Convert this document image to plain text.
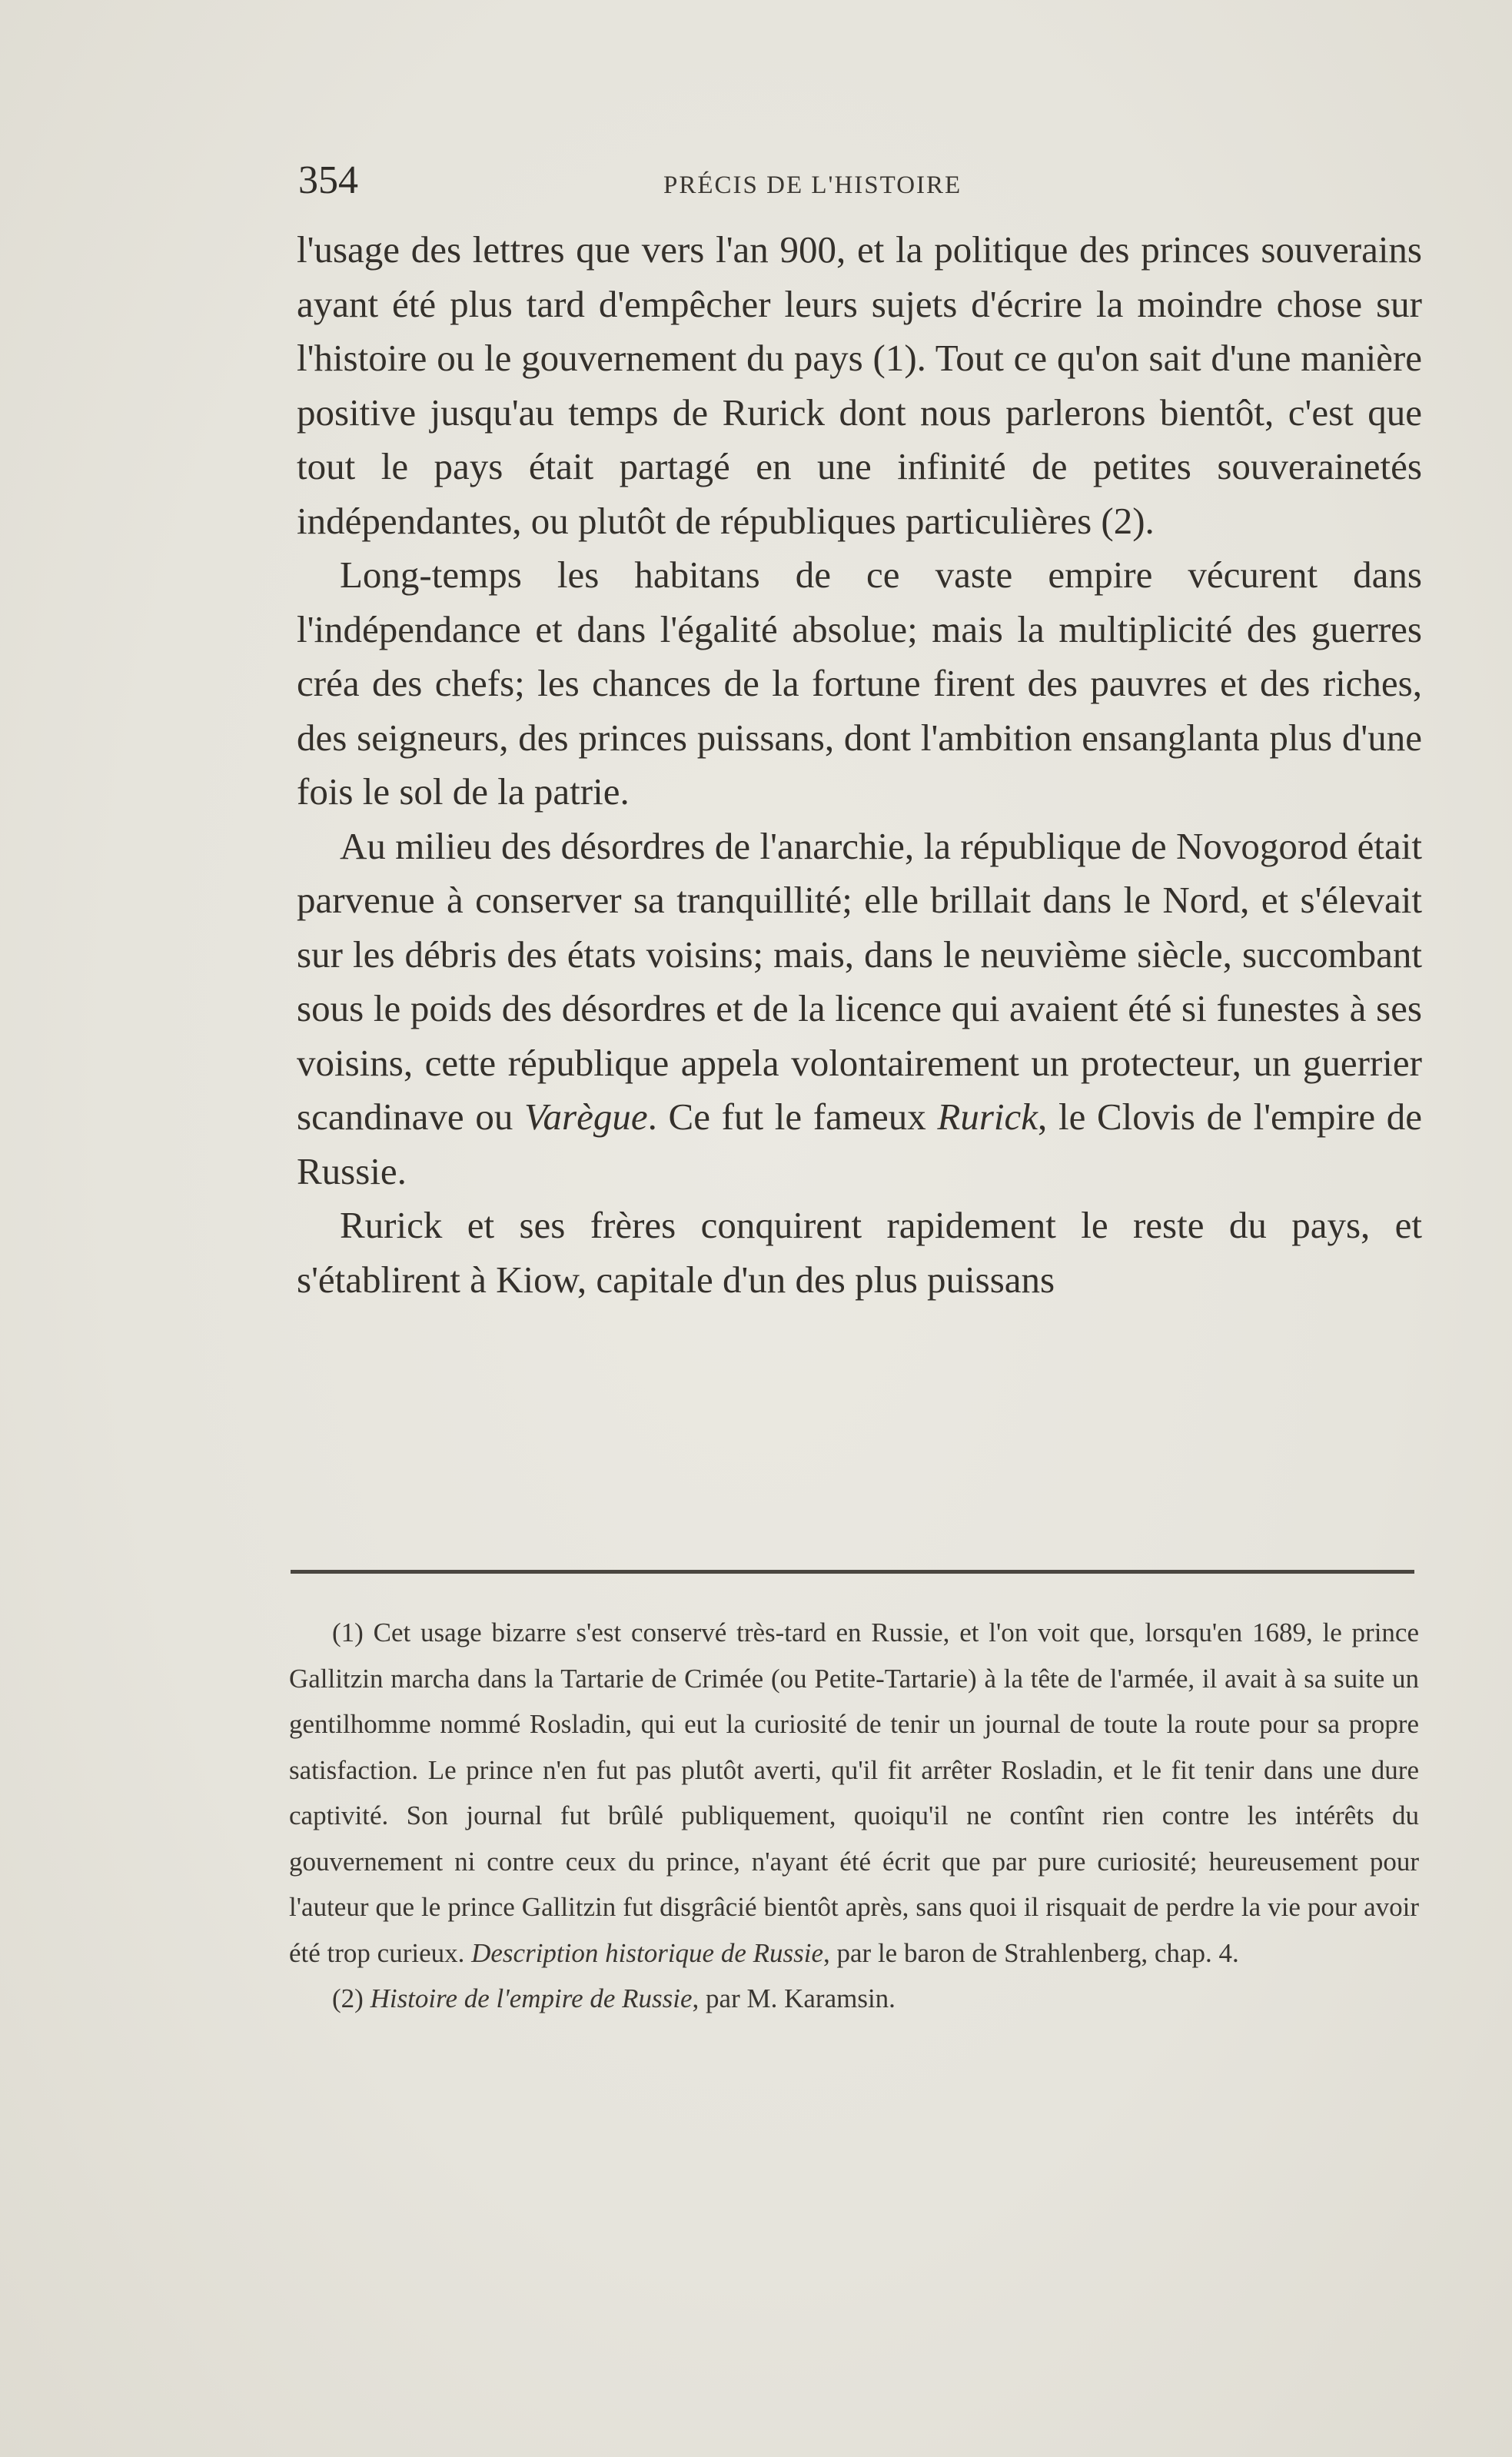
354	PRÉCIS DE L'HISTOIRE

l'usage des lettres que vers l'an 900, et la politique des princes souverains ayant été plus tard d'empêcher leurs sujets d'écrire la moindre chose sur l'histoire ou le gouvernement du pays (1). Tout ce qu'on sait d'une manière positive jusqu'au temps de Rurick dont nous parlerons bientôt, c'est que tout le pays était partagé en une infinité de petites souverainetés indépendantes, ou plutôt de républiques particulières (2).

Long-temps les habitans de ce vaste empire vécurent dans l'indépendance et dans l'égalité absolue; mais la multiplicité des guerres créa des chefs; les chances de la fortune firent des pauvres et des riches, des seigneurs, des princes puissans, dont l'ambition ensanglanta plus d'une fois le sol de la patrie.

Au milieu des désordres de l'anarchie, la république de Novogorod était parvenue à conserver sa tranquillité; elle brillait dans le Nord, et s'élevait sur les débris des états voisins; mais, dans le neuvième siècle, succombant sous le poids des désordres et de la licence qui avaient été si funestes à ses voisins, cette république appela volontairement un protecteur, un guerrier scandinave ou Varègue. Ce fut le fameux Rurick, le Clovis de l'empire de Russie.

Rurick et ses frères conquirent rapidement le reste du pays, et s'établirent à Kiow, capitale d'un des plus puissans

(1) Cet usage bizarre s'est conservé très-tard en Russie, et l'on voit que, lorsqu'en 1689, le prince Gallitzin marcha dans la Tartarie de Crimée (ou Petite-Tartarie) à la tête de l'armée, il avait à sa suite un gentilhomme nommé Rosladin, qui eut la curiosité de tenir un journal de toute la route pour sa propre satisfaction. Le prince n'en fut pas plutôt averti, qu'il fit arrêter Rosladin, et le fit tenir dans une dure captivité. Son journal fut brûlé publiquement, quoiqu'il ne contînt rien contre les intérêts du gouvernement ni contre ceux du prince, n'ayant été écrit que par pure curiosité; heureusement pour l'auteur que le prince Gallitzin fut disgrâcié bientôt après, sans quoi il risquait de perdre la vie pour avoir été trop curieux. Description historique de Russie, par le baron de Strahlenberg, chap. 4.

(2) Histoire de l'empire de Russie, par M. Karamsin.
